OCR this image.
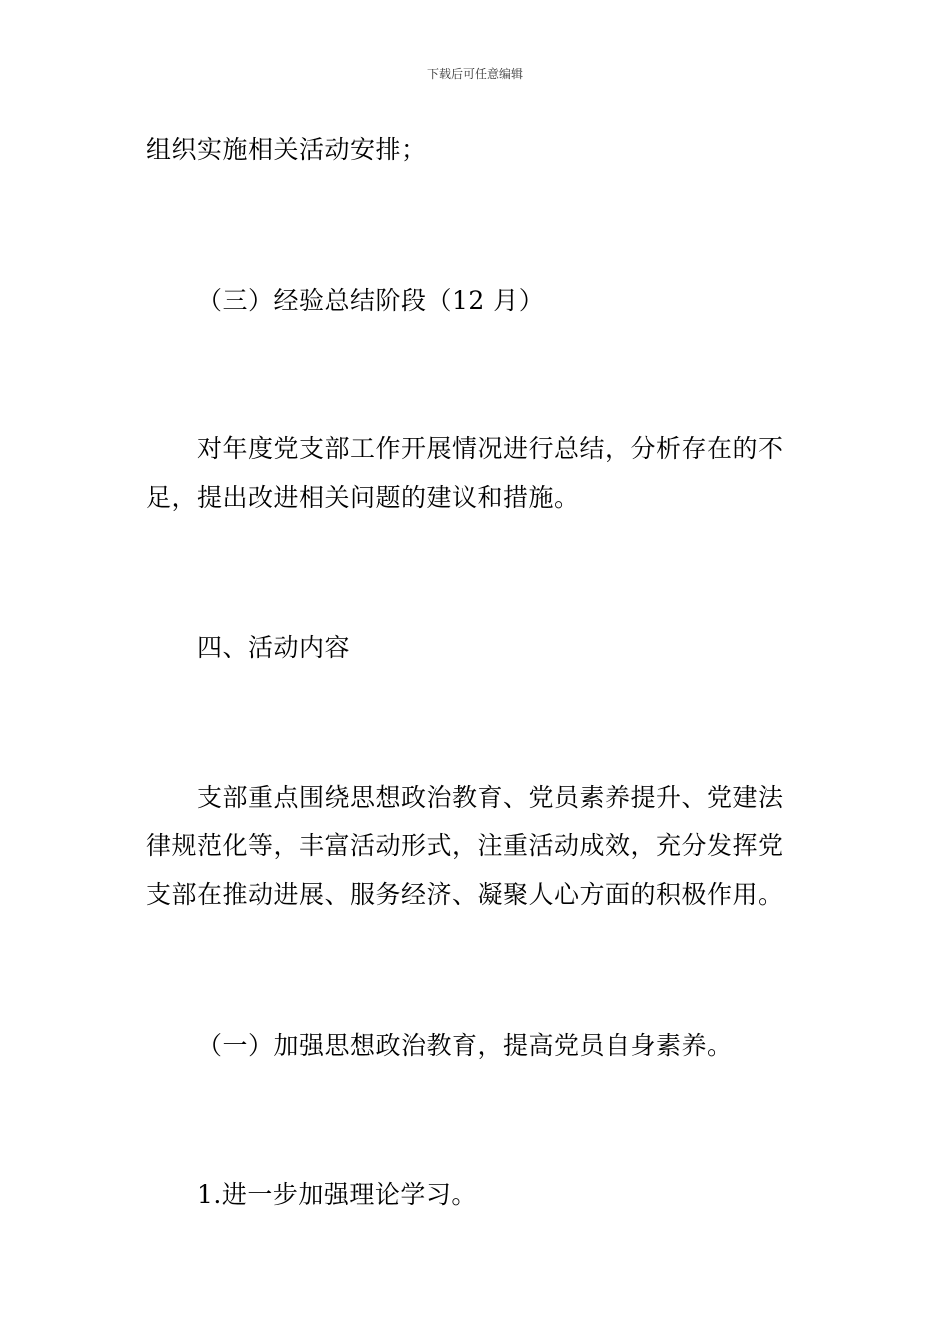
下载后可任意编辑
组织实施相关活动安排；
（三）经验总结阶段（12 月）
对年度党支部工作开展情况进行总结，分析存在的不
足，提出改进相关问题的建议和措施。
四、活动内容
支部重点围绕思想政治教育、党员素养提升、党建法
律规范化等，丰富活动形式，注重活动成效，充分发挥党
支部在推动进展、服务经济、凝聚人心方面的积极作用。
（一）加强思想政治教育，提高党员自身素养。
1.进一步加强理论学习。
